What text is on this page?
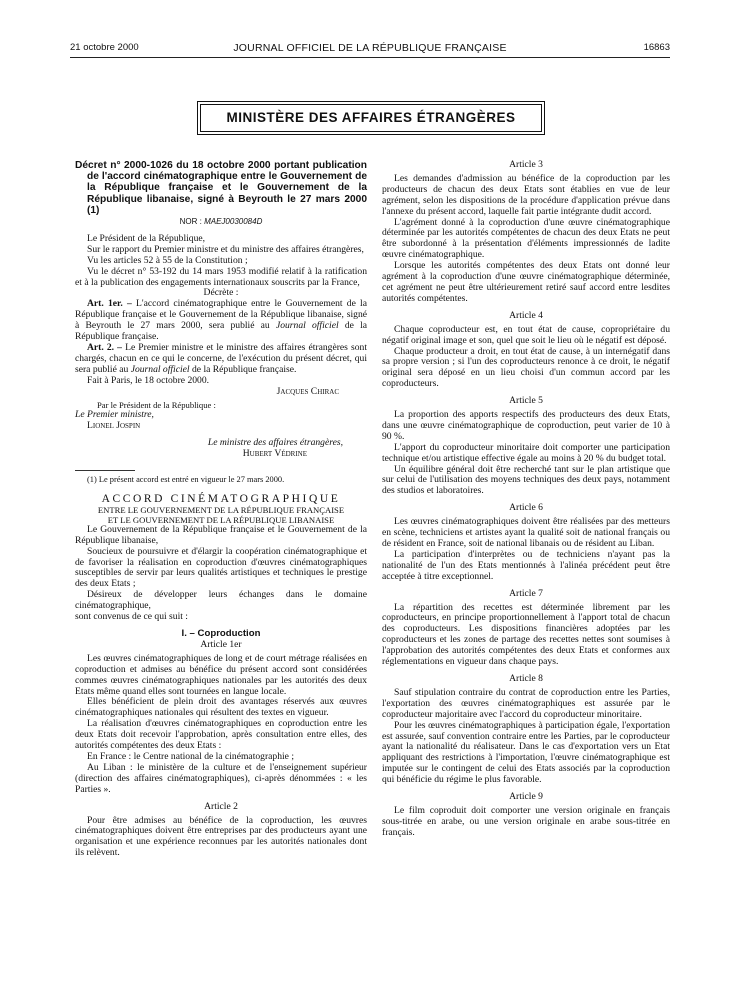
21 octobre 2000	JOURNAL OFFICIEL DE LA RÉPUBLIQUE FRANÇAISE	16863
MINISTÈRE DES AFFAIRES ÉTRANGÈRES

Décret n° 2000-1026 du 18 octobre 2000 portant publication de l'accord cinématographique entre le Gouvernement de la République française et le Gouvernement de la République libanaise, signé à Beyrouth le 27 mars 2000 (1)

NOR : MAEJ0030084D

Le Président de la République,

Sur le rapport du Premier ministre et du ministre des affaires étrangères,

Vu les articles 52 à 55 de la Constitution ;

Vu le décret n° 53-192 du 14 mars 1953 modifié relatif à la ratification et à la publication des engagements internationaux souscrits par la France,

Décrète :

Art. 1er. – L'accord cinématographique entre le Gouvernement de la République française et le Gouvernement de la République libanaise, signé à Beyrouth le 27 mars 2000, sera publié au Journal officiel de la République française.

Art. 2. – Le Premier ministre et le ministre des affaires étrangères sont chargés, chacun en ce qui le concerne, de l'exécution du présent décret, qui sera publié au Journal officiel de la République française.

Fait à Paris, le 18 octobre 2000.

Jacques Chirac

Par le Président de la République :

Le Premier ministre,

Lionel Jospin

Le ministre des affaires étrangères,

Hubert Védrine

(1) Le présent accord est entré en vigueur le 27 mars 2000.

ACCORD CINÉMATOGRAPHIQUE

ENTRE LE GOUVERNEMENT DE LA RÉPUBLIQUE FRANÇAISE

ET LE GOUVERNEMENT DE LA RÉPUBLIQUE LIBANAISE

Le Gouvernement de la République française et le Gouvernement de la République libanaise,

Soucieux de poursuivre et d'élargir la coopération cinématographique et de favoriser la réalisation en coproduction d'œuvres cinématographiques susceptibles de servir par leurs qualités artistiques et techniques le prestige des deux Etats ;

Désireux de développer leurs échanges dans le domaine cinématographique,

sont convenus de ce qui suit :

I. – Coproduction

Article 1er

Les œuvres cinématographiques de long et de court métrage réalisées en coproduction et admises au bénéfice du présent accord sont considérées commes œuvres cinématographiques nationales par les autorités des deux Etats même quand elles sont tournées en langue locale.

Elles bénéficient de plein droit des avantages réservés aux œuvres cinématographiques nationales qui résultent des textes en vigueur.

La réalisation d'œuvres cinématographiques en coproduction entre les deux Etats doit recevoir l'approbation, après consultation entre elles, des autorités compétentes des deux Etats :

En France : le Centre national de la cinématographie ;

Au Liban : le ministère de la culture et de l'enseignement supérieur (direction des affaires cinématographiques), ci-après dénommées : « les Parties ».

Article 2

Pour être admises au bénéfice de la coproduction, les œuvres cinématographiques doivent être entreprises par des producteurs ayant une organisation et une expérience reconnues par les autorités nationales dont ils relèvent.

Article 3

Les demandes d'admission au bénéfice de la coproduction par les producteurs de chacun des deux Etats sont établies en vue de leur agrément, selon les dispositions de la procédure d'application prévue dans l'annexe du présent accord, laquelle fait partie intégrante dudit accord.

L'agrément donné à la coproduction d'une œuvre cinématographique déterminée par les autorités compétentes de chacun des deux Etats ne peut être subordonné à la présentation d'éléments impressionnés de ladite œuvre cinématographique.

Lorsque les autorités compétentes des deux Etats ont donné leur agrément à la coproduction d'une œuvre cinématographique déterminée, cet agrément ne peut être ultérieurement retiré sauf accord entre lesdites autorités compétentes.

Article 4

Chaque coproducteur est, en tout état de cause, copropriétaire du négatif original image et son, quel que soit le lieu où le négatif est déposé.

Chaque producteur a droit, en tout état de cause, à un internégatif dans sa propre version ; si l'un des coproducteurs renonce à ce droit, le négatif original sera déposé en un lieu choisi d'un commun accord par les coproducteurs.

Article 5

La proportion des apports respectifs des producteurs des deux Etats, dans une œuvre cinématographique de coproduction, peut varier de 10 à 90 %.

L'apport du coproducteur minoritaire doit comporter une participation technique et/ou artistique effective égale au moins à 20 % du budget total.

Un équilibre général doit être recherché tant sur le plan artistique que sur celui de l'utilisation des moyens techniques des deux pays, notamment des studios et laboratoires.

Article 6

Les œuvres cinématographiques doivent être réalisées par des metteurs en scène, techniciens et artistes ayant la qualité soit de national français ou de résident en France, soit de national libanais ou de résident au Liban.

La participation d'interprètes ou de techniciens n'ayant pas la nationalité de l'un des Etats mentionnés à l'alinéa précédent peut être acceptée à titre exceptionnel.

Article 7

La répartition des recettes est déterminée librement par les coproducteurs, en principe proportionnellement à l'apport total de chacun des coproducteurs. Les dispositions financières adoptées par les coproducteurs et les zones de partage des recettes nettes sont soumises à l'approbation des autorités compétentes des deux Etats et conformes aux réglementations en vigueur dans chaque pays.

Article 8

Sauf stipulation contraire du contrat de coproduction entre les Parties, l'exportation des œuvres cinématographiques est assurée par le coproducteur majoritaire avec l'accord du coproducteur minoritaire.

Pour les œuvres cinématographiques à participation égale, l'exportation est assurée, sauf convention contraire entre les Parties, par le coproducteur ayant la nationalité du réalisateur. Dans le cas d'exportation vers un Etat appliquant des restrictions à l'importation, l'œuvre cinématographique est imputée sur le contingent de celui des Etats associés par la coproduction qui bénéficie du régime le plus favorable.

Article 9

Le film coproduit doit comporter une version originale en français sous-titrée en arabe, ou une version originale en arabe sous-titrée en français.
